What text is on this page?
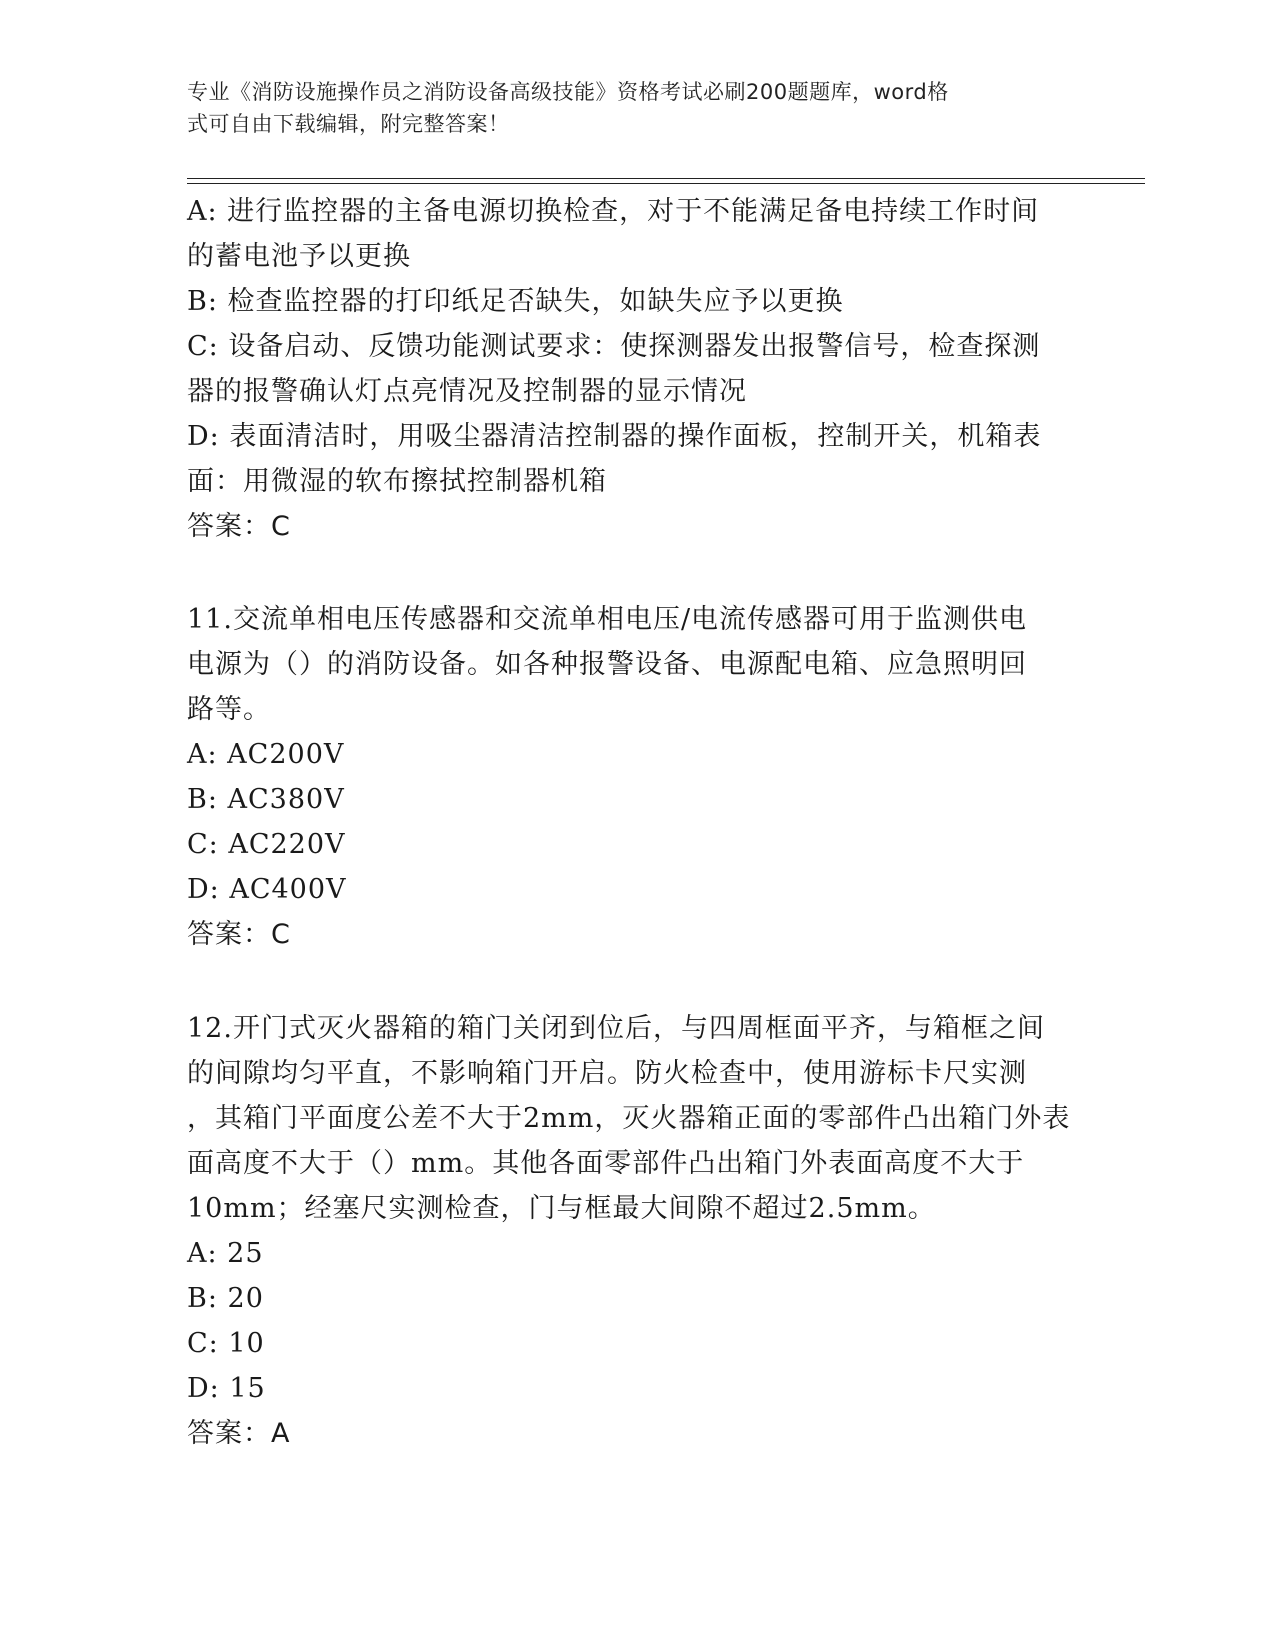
专业《消防设施操作员之消防设备高级技能》资格考试必刷200题题库，word格
式可自由下载编辑，附完整答案！
A: 进行监控器的主备电源切换检查，对于不能满足备电持续工作时间
的蓄电池予以更换
B: 检查监控器的打印纸足否缺失，如缺失应予以更换
C: 设备启动、反馈功能测试要求：使探测器发出报警信号，检查探测
器的报警确认灯点亮情况及控制器的显示情况
D: 表面清洁时，用吸尘器清洁控制器的操作面板，控制开关，机箱表
面：用微湿的软布擦拭控制器机箱
答案：C
11.交流单相电压传感器和交流单相电压/电流传感器可用于监测供电
电源为（）的消防设备。如各种报警设备、电源配电箱、应急照明回
路等。
A: AC200V
B: AC380V
C: AC220V
D: AC400V
答案：C
12.开门式灭火器箱的箱门关闭到位后，与四周框面平齐，与箱框之间
的间隙均匀平直，不影响箱门开启。防火检查中，使用游标卡尺实测
，其箱门平面度公差不大于2mm，灭火器箱正面的零部件凸出箱门外表
面高度不大于（）mm。其他各面零部件凸出箱门外表面高度不大于
10mm；经塞尺实测检查，门与框最大间隙不超过2.5mm。
A: 25
B: 20
C: 10
D: 15
答案：A
